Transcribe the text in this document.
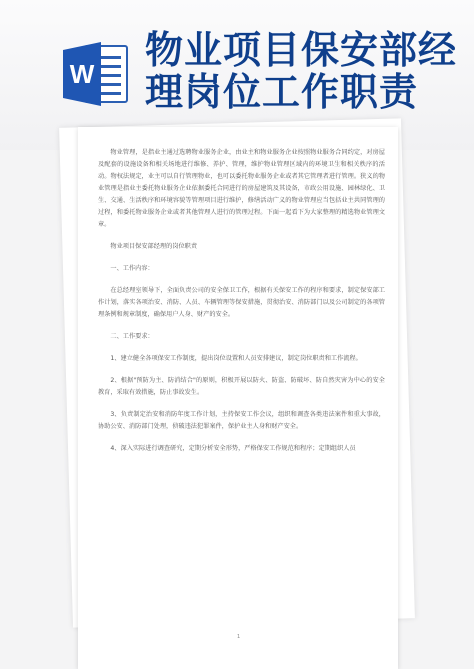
W
物业项目保安部经
理岗位工作职责

物业管理，是指业主通过选聘物业服务企业，由业主和物业服务企业按照物业服务合同约定，对房屋及配套的设施设备和相关场地进行维修、养护、管理，维护物业管理区域内的环境卫生和相关秩序的活动。物权法规定，业主可以自行管理物业，也可以委托物业服务企业或者其它管理者进行管理。狭义的物业管理是指业主委托物业服务企业依据委托合同进行的房屋建筑及其设备，市政公用设施、园林绿化、卫生、交通、生活秩序和环境容貌等管理项目进行维护，修缮活动广义的物业管理应当包括业主共同管理的过程，和委托物业服务企业或者其他管理人进行的管理过程。下面一起看下为大家整理的精选物业管理文章。

物业项目保安部经理的岗位职责

一、工作内容：

在总经理室领导下，全面负责公司的安全保卫工作，根据有关保安工作的程序和要求，制定保安部工作计划，落实各项治安、消防、人员、车辆管理等保安措施，贯彻治安、消防部门以及公司制定的各项管理条例和规章制度，确保用户人身、财产的安全。

二、工作要求：

1、建立健全各项保安工作制度，提出岗位设置和人员安排建议，制定岗位职责和工作流程。

2、根据"预防为主、防消结合"的原则，积极开展以防火、防盗、防破坏、防自然灾害为中心的安全教育，采取有效措施，防止事故发生。

3、负责制定治安和消防年度工作计划，主持保安工作会议，组织和调查各类违法案件和重大事故，协助公安、消防部门处理，侦破违法犯罪案件，保护业主人身和财产安全。

4、深入实际进行调查研究，定期分析安全形势，严格保安工作规范和程序；定期组织人员

1
